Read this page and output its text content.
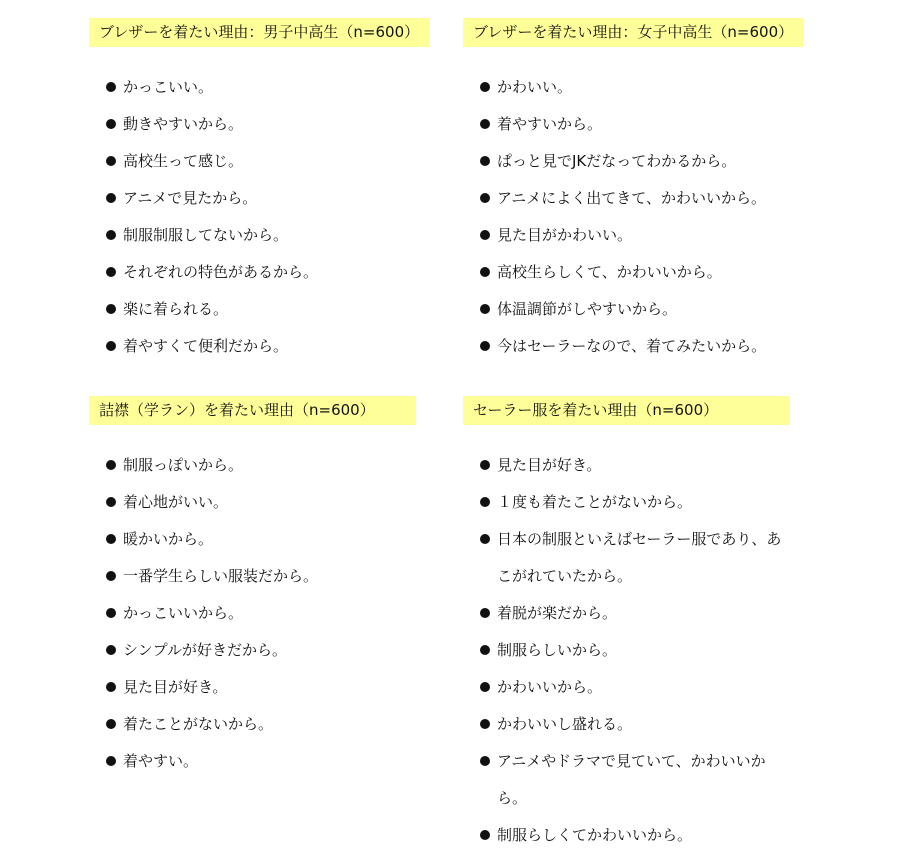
ブレザーを着たい理由：男子中高生（n=600）
かっこいい。
動きやすいから。
高校生って感じ。
アニメで見たから。
制服制服してないから。
それぞれの特色があるから。
楽に着られる。
着やすくて便利だから。
ブレザーを着たい理由：女子中高生（n=600）
かわいい。
着やすいから。
ぱっと見でJKだなってわかるから。
アニメによく出てきて、かわいいから。
見た目がかわいい。
高校生らしくて、かわいいから。
体温調節がしやすいから。
今はセーラーなので、着てみたいから。
詰襟（学ラン）を着たい理由（n=600）
制服っぽいから。
着心地がいい。
暖かいから。
一番学生らしい服装だから。
かっこいいから。
シンプルが好きだから。
見た目が好き。
着たことがないから。
着やすい。
セーラー服を着たい理由（n=600）
見た目が好き。
１度も着たことがないから。
日本の制服といえばセーラー服であり、あこがれていたから。
着脱が楽だから。
制服らしいから。
かわいいから。
かわいいし盛れる。
アニメやドラマで見ていて、かわいいから。
制服らしくてかわいいから。
